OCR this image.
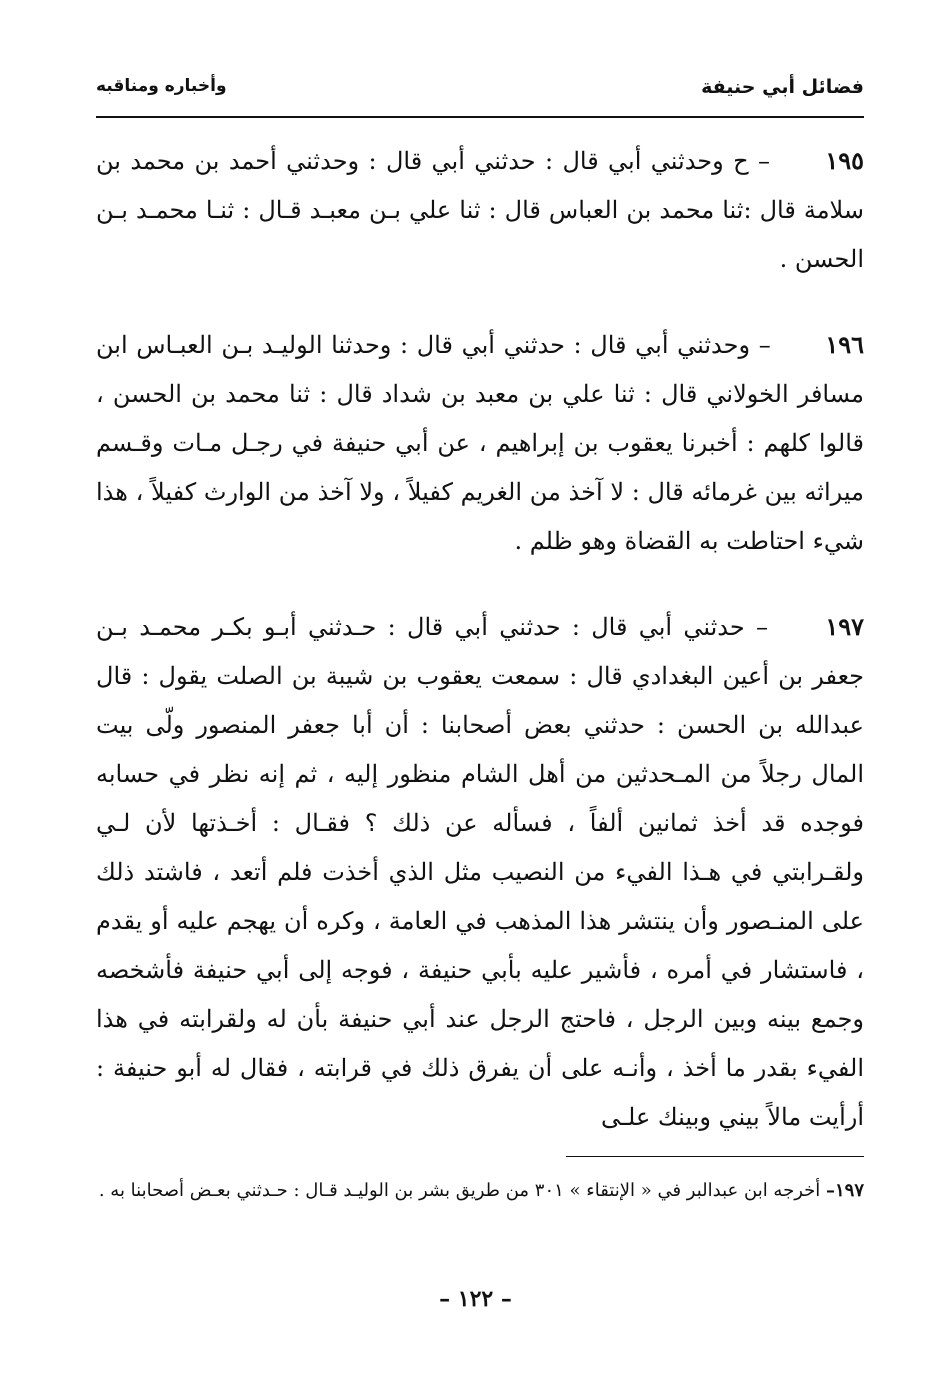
فضائل أبي حنيفة
وأخباره ومناقبه

١٩٥ – ح وحدثني أبي قال : حدثني أبي قال : وحدثني أحمد بن محمد بن سلامة قال :ثنا محمد بن العباس قال : ثنا علي بـن معبـد قـال : ثنـا محمـد بـن الحسن .

١٩٦ – وحدثني أبي قال : حدثني أبي قال : وحدثنا الوليـد بـن العبـاس ابن مسافر الخولاني قال : ثنا علي بن معبد بن شداد قال : ثنا محمد بن الحسن ، قالوا كلهم : أخبرنا يعقوب بن إبراهيم ، عن أبي حنيفة في رجـل مـات وقـسم ميراثه بين غرمائه قال : لا آخذ من الغريم كفيلاً ، ولا آخذ من الوارث كفيلاً ، هذا شيء احتاطت به القضاة وهو ظلم .

١٩٧ – حدثني أبي قال : حدثني أبي قال : حـدثني أبـو بكـر محمـد بـن جعفر بن أعين البغدادي قال : سمعت يعقوب بن شيبة بن الصلت يقول : قال عبدالله بن الحسن : حدثني بعض أصحابنا : أن أبا جعفر المنصور ولّى بيت المال رجلاً من المـحدثين من أهل الشام منظور إليه ، ثم إنه نظر في حسابه فوجده قد أخذ ثمانين ألفاً ، فسأله عن ذلك ؟ فقـال : أخـذتها لأن لـي ولقـرابتي في هـذا الفيء من النصيب مثل الذي أخذت فلم أتعد ، فاشتد ذلك على المنـصور وأن ينتشر هذا المذهب في العامة ، وكره أن يهجم عليه أو يقدم ، فاستشار في أمره ، فأشير عليه بأبي حنيفة ، فوجه إلى أبي حنيفة فأشخصه وجمع بينه وبين الرجل ، فاحتج الرجل عند أبي حنيفة بأن له ولقرابته في هذا الفيء بقدر ما أخذ ، وأنـه على أن يفرق ذلك في قرابته ، فقال له أبو حنيفة : أرأيت مالاً بيني وبينك علـى

١٩٧– أخرجه ابن عبدالبر في « الإنتقاء » ٣٠١ من طريق بشر بن الوليـد قـال : حـدثني بعـض أصحابنا به .
– ١٢٢ –
